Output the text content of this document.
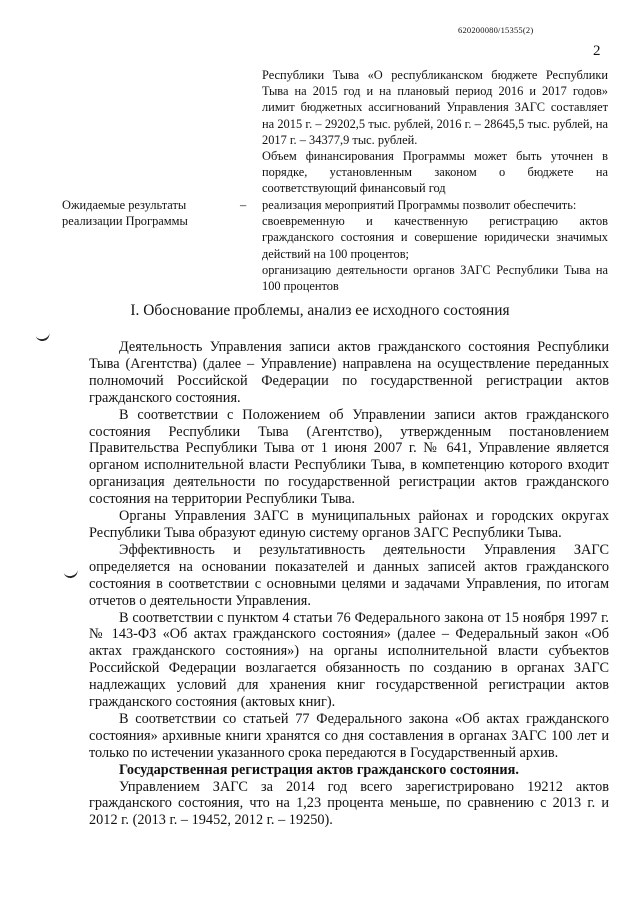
620200080/15355(2)
2

Республики Тыва «О республиканском бюджете Республики Тыва на 2015 год и на плановый период 2016 и 2017 годов» лимит бюджетных ассигнований Управления ЗАГС составляет на 2015 г. – 29202,5 тыс. рублей, 2016 г. – 28645,5 тыс. рублей, на 2017 г. – 34377,9 тыс. рублей.

Объем финансирования Программы может быть уточнен в порядке, установленным законом о бюджете на соответствующий финансовый год

Ожидаемые результаты реализации Программы
– реализация мероприятий Программы позволит обеспечить:

своевременную и качественную регистрацию актов гражданского состояния и совершение юридически значимых действий на 100 процентов;

организацию деятельности органов ЗАГС Республики Тыва на 100 процентов

I. Обоснование проблемы, анализ ее исходного состояния

Деятельность Управления записи актов гражданского состояния Республики Тыва (Агентства) (далее – Управление) направлена на осуществление переданных полномочий Российской Федерации по государственной регистрации актов гражданского состояния.

В соответствии с Положением об Управлении записи актов гражданского состояния Республики Тыва (Агентство), утвержденным постановлением Правительства Республики Тыва от 1 июня 2007 г. № 641, Управление является органом исполнительной власти Республики Тыва, в компетенцию которого входит организация деятельности по государственной регистрации актов гражданского состояния на территории Республики Тыва.

Органы Управления ЗАГС в муниципальных районах и городских округах Республики Тыва образуют единую систему органов ЗАГС Республики Тыва.

Эффективность и результативность деятельности Управления ЗАГС определяется на основании показателей и данных записей актов гражданского состояния в соответствии с основными целями и задачами Управления, по итогам отчетов о деятельности Управления.

В соответствии с пунктом 4 статьи 76 Федерального закона от 15 ноября 1997 г. № 143-ФЗ «Об актах гражданского состояния» (далее – Федеральный закон «Об актах гражданского состояния») на органы исполнительной власти субъектов Российской Федерации возлагается обязанность по созданию в органах ЗАГС надлежащих условий для хранения книг государственной регистрации актов гражданского состояния (актовых книг).

В соответствии со статьей 77 Федерального закона «Об актах гражданского состояния» архивные книги хранятся со дня составления в органах ЗАГС 100 лет и только по истечении указанного срока передаются в Государственный архив.

Государственная регистрация актов гражданского состояния.

Управлением ЗАГС за 2014 год всего зарегистрировано 19212 актов гражданского состояния, что на 1,23 процента меньше, по сравнению с 2013 г. и 2012 г. (2013 г. – 19452, 2012 г. – 19250).
